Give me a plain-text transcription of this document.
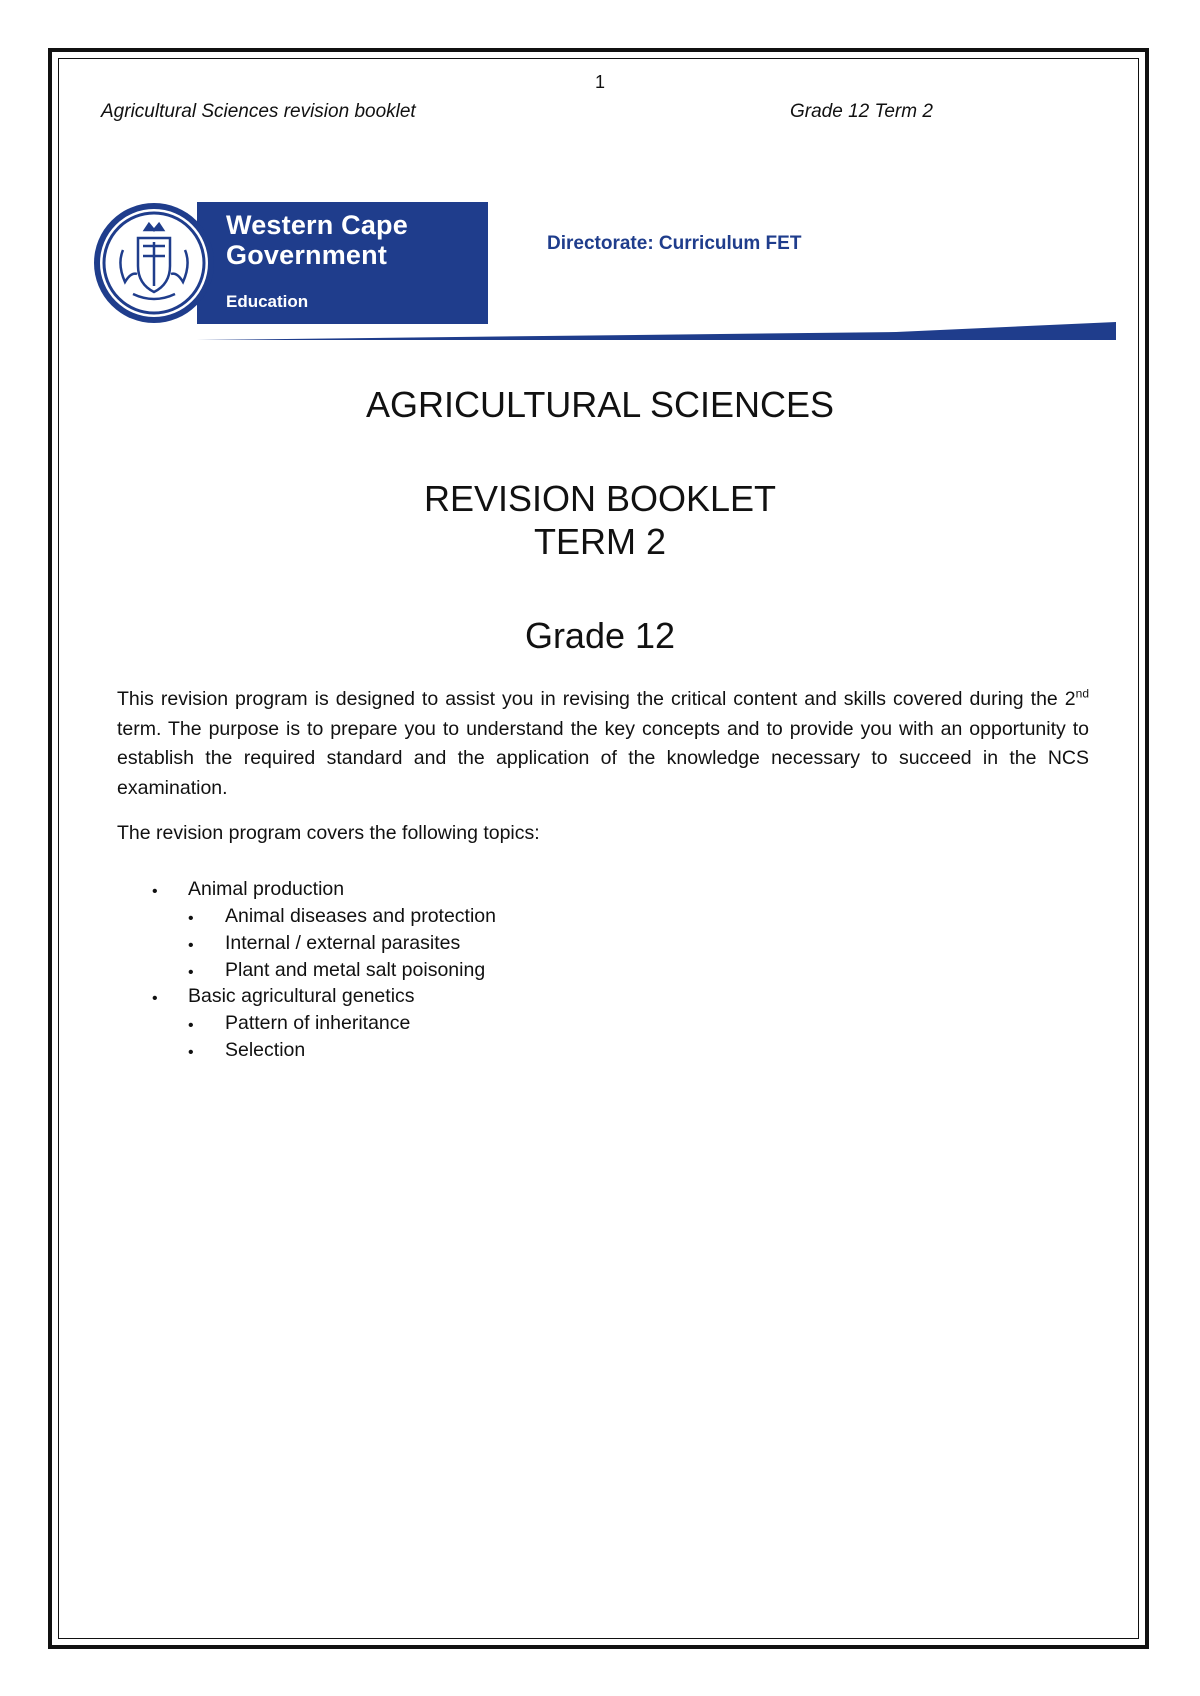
1
Agricultural Sciences revision booklet	Grade 12 Term 2
Western Cape
Government
Education
Directorate: Curriculum FET
AGRICULTURAL SCIENCES
REVISION BOOKLET
TERM 2
Grade 12
This revision program is designed to assist you in revising the critical content and skills covered during the 2nd term. The purpose is to prepare you to understand the key concepts and to provide you with an opportunity to establish the required standard and the application of the knowledge necessary to succeed in the NCS examination.
The revision program covers the following topics:
• Animal production
• Animal diseases and protection
• Internal / external parasites
• Plant and metal salt poisoning
• Basic agricultural genetics
• Pattern of inheritance
• Selection
